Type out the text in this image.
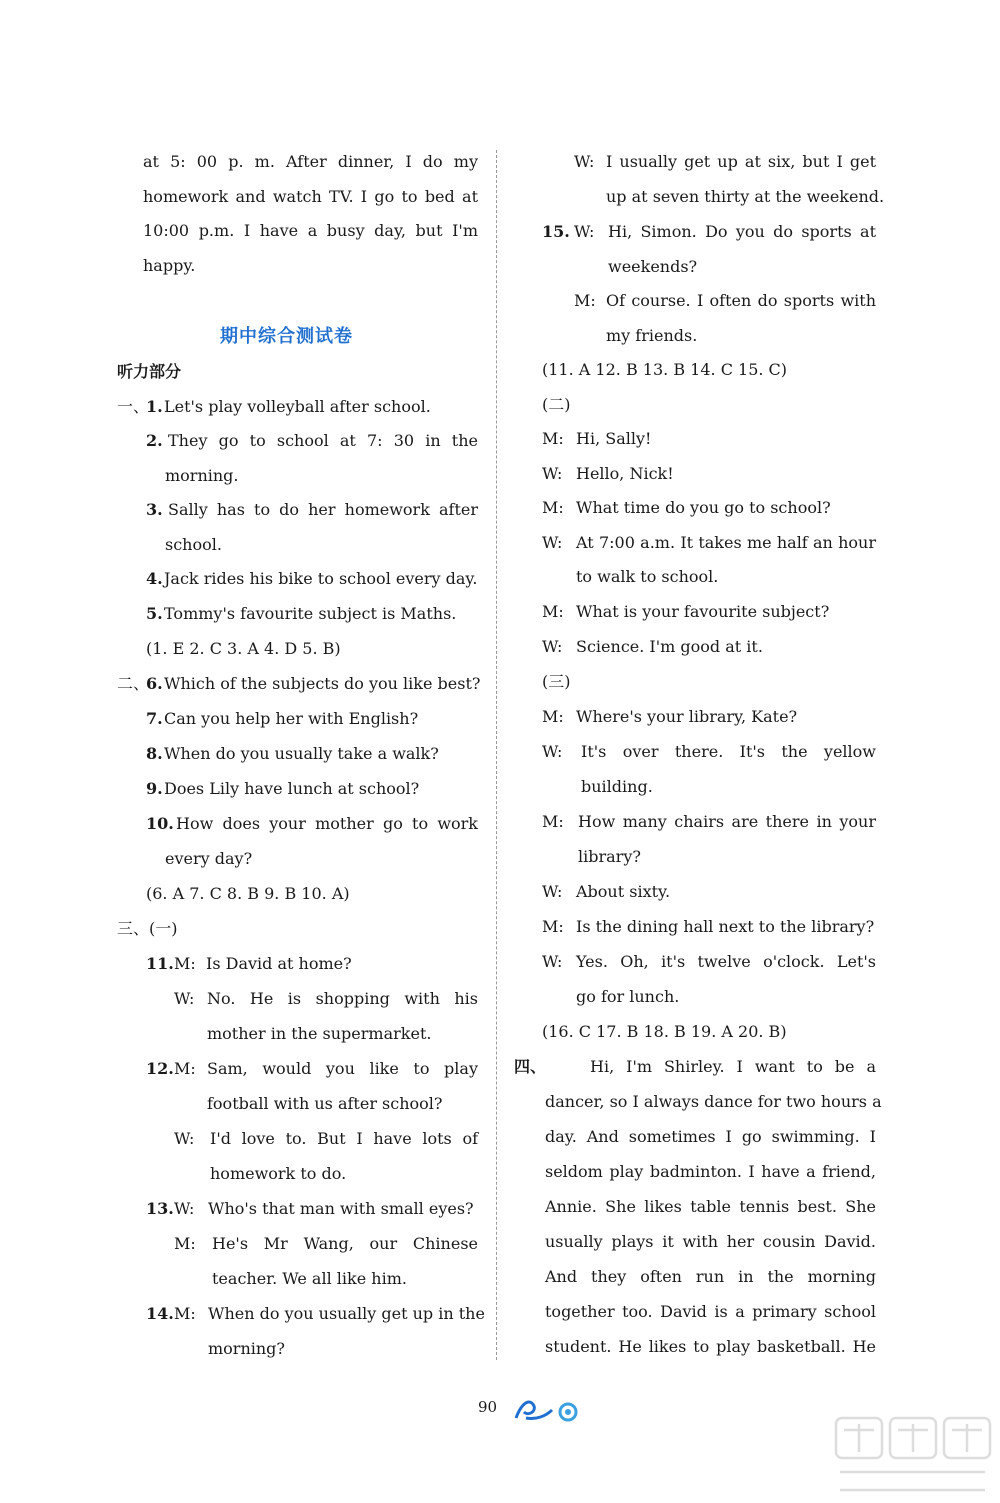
at 5: 00 p. m. After dinner, I do my
homework and watch TV. I go to bed at
10:00 p.m. I have a busy day, but I'm
happy.
期中综合测试卷
听力部分
一、
1. Let's play volleyball after school.
2. They go to school at 7: 30 in the
morning.
3. Sally has to do her homework after
school.
4. Jack rides his bike to school every day.
5. Tommy's favourite subject is Maths.
(1. E 2. C 3. A 4. D 5. B)
二、
6. Which of the subjects do you like best?
7. Can you help her with English?
8. When do you usually take a walk?
9. Does Lily have lunch at school?
10. How does your mother go to work
every day?
(6. A 7. C 8. B 9. B 10. A)
三、(一)
11. M: Is David at home?
W: No. He is shopping with his
mother in the supermarket.
12. M: Sam, would you like to play
football with us after school?
W: I'd love to. But I have lots of
homework to do.
13. W: Who's that man with small eyes?
M: He's Mr Wang, our Chinese
teacher. We all like him.
14. M: When do you usually get up in the
morning?
W: I usually get up at six, but I get
up at seven thirty at the weekend.
15. W: Hi, Simon. Do you do sports at
weekends?
M: Of course. I often do sports with
my friends.
(11. A 12. B 13. B 14. C 15. C)
(二)
M: Hi, Sally!
W: Hello, Nick!
M: What time do you go to school?
W: At 7:00 a.m. It takes me half an hour
to walk to school.
M: What is your favourite subject?
W: Science. I'm good at it.
(三)
M: Where's your library, Kate?
W: It's over there. It's the yellow
building.
M: How many chairs are there in your
library?
W: About sixty.
M: Is the dining hall next to the library?
W: Yes. Oh, it's twelve o'clock. Let's
go for lunch.
(16. C 17. B 18. B 19. A 20. B)
四、	Hi, I'm Shirley. I want to be a
dancer, so I always dance for two hours a
day. And sometimes I go swimming. I
seldom play badminton. I have a friend,
Annie. She likes table tennis best. She
usually plays it with her cousin David.
And they often run in the morning
together too. David is a primary school
student. He likes to play basketball. He
90
